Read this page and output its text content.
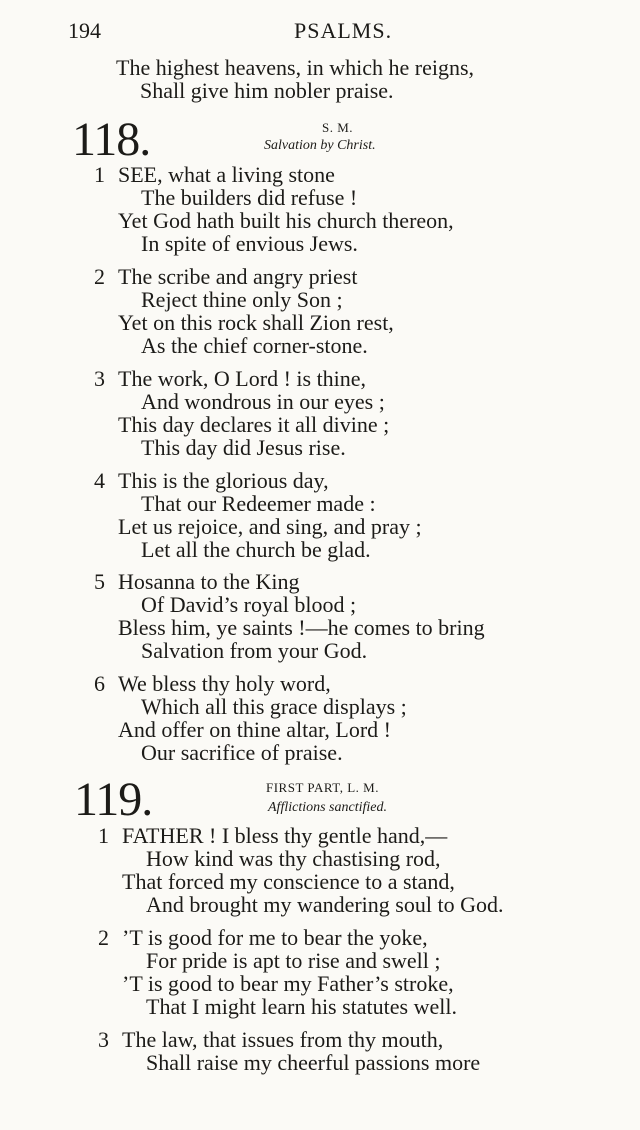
194	PSALMS.
The highest heavens, in which he reigns,
Shall give him nobler praise.
118.	S. M.
Salvation by Christ.
1 SEE, what a living stone
The builders did refuse !
Yet God hath built his church thereon,
In spite of envious Jews.
2 The scribe and angry priest
Reject thine only Son ;
Yet on this rock shall Zion rest,
As the chief corner-stone.
3 The work, O Lord ! is thine,
And wondrous in our eyes ;
This day declares it all divine ;
This day did Jesus rise.
4 This is the glorious day,
That our Redeemer made :
Let us rejoice, and sing, and pray ;
Let all the church be glad.
5 Hosanna to the King
Of David’s royal blood ;
Bless him, ye saints !—he comes to bring
Salvation from your God.
6 We bless thy holy word,
Which all this grace displays ;
And offer on thine altar, Lord !
Our sacrifice of praise.
119.	FIRST PART, L. M.
Afflictions sanctified.
1 FATHER ! I bless thy gentle hand,—
How kind was thy chastising rod,
That forced my conscience to a stand,
And brought my wandering soul to God.
2 ’T is good for me to bear the yoke,
For pride is apt to rise and swell ;
’T is good to bear my Father’s stroke,
That I might learn his statutes well.
3 The law, that issues from thy mouth,
Shall raise my cheerful passions more
